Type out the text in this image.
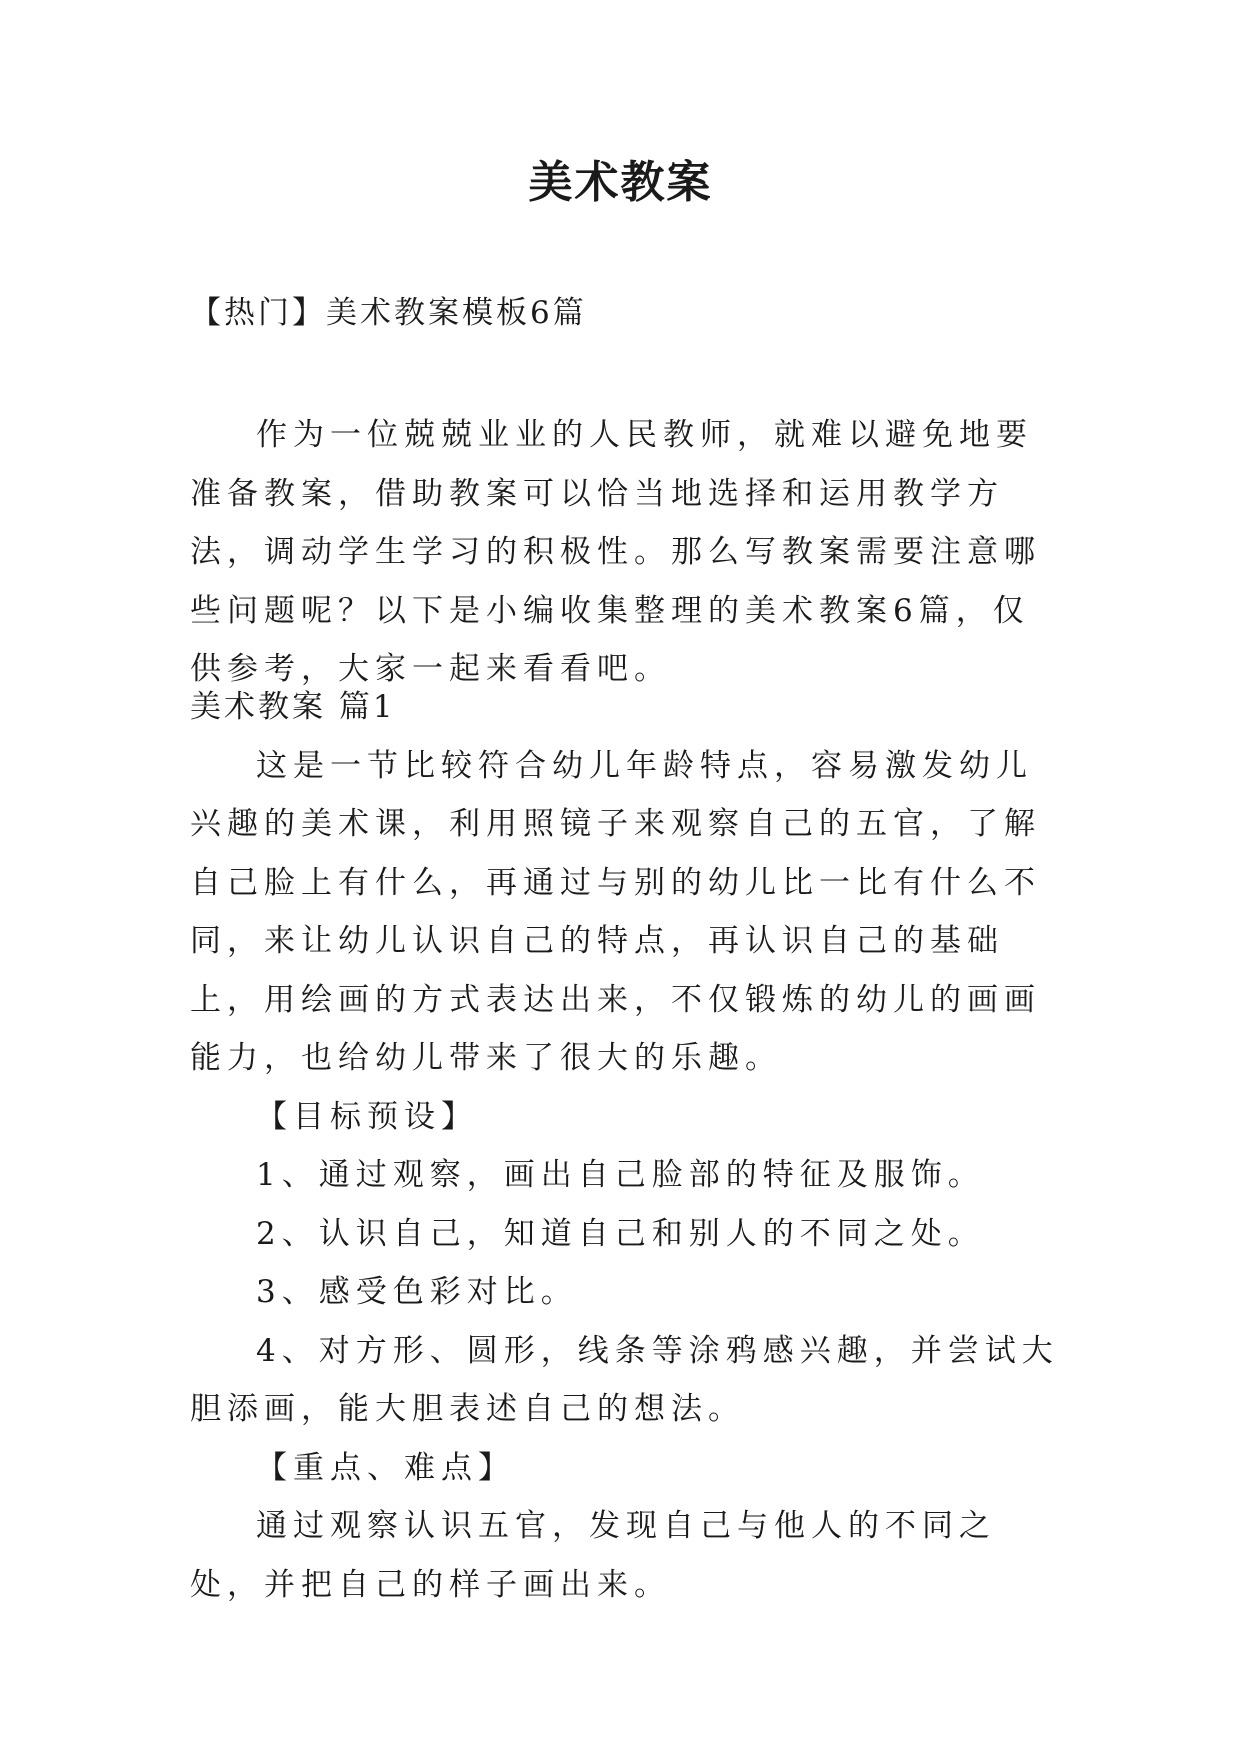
美术教案
【热门】美术教案模板6篇

作为一位兢兢业业的人民教师，就难以避免地要准备教案，借助教案可以恰当地选择和运用教学方法，调动学生学习的积极性。那么写教案需要注意哪些问题呢？以下是小编收集整理的美术教案6篇，仅供参考，大家一起来看看吧。

美术教案 篇1

这是一节比较符合幼儿年龄特点，容易激发幼儿兴趣的美术课，利用照镜子来观察自己的五官，了解自己脸上有什么，再通过与别的幼儿比一比有什么不同，来让幼儿认识自己的特点，再认识自己的基础上，用绘画的方式表达出来，不仅锻炼的幼儿的画画能力，也给幼儿带来了很大的乐趣。

【目标预设】

1、通过观察，画出自己脸部的特征及服饰。

2、认识自己，知道自己和别人的不同之处。

3、感受色彩对比。

4、对方形、圆形，线条等涂鸦感兴趣，并尝试大胆添画，能大胆表述自己的想法。

【重点、难点】

通过观察认识五官，发现自己与他人的不同之处，并把自己的样子画出来。
